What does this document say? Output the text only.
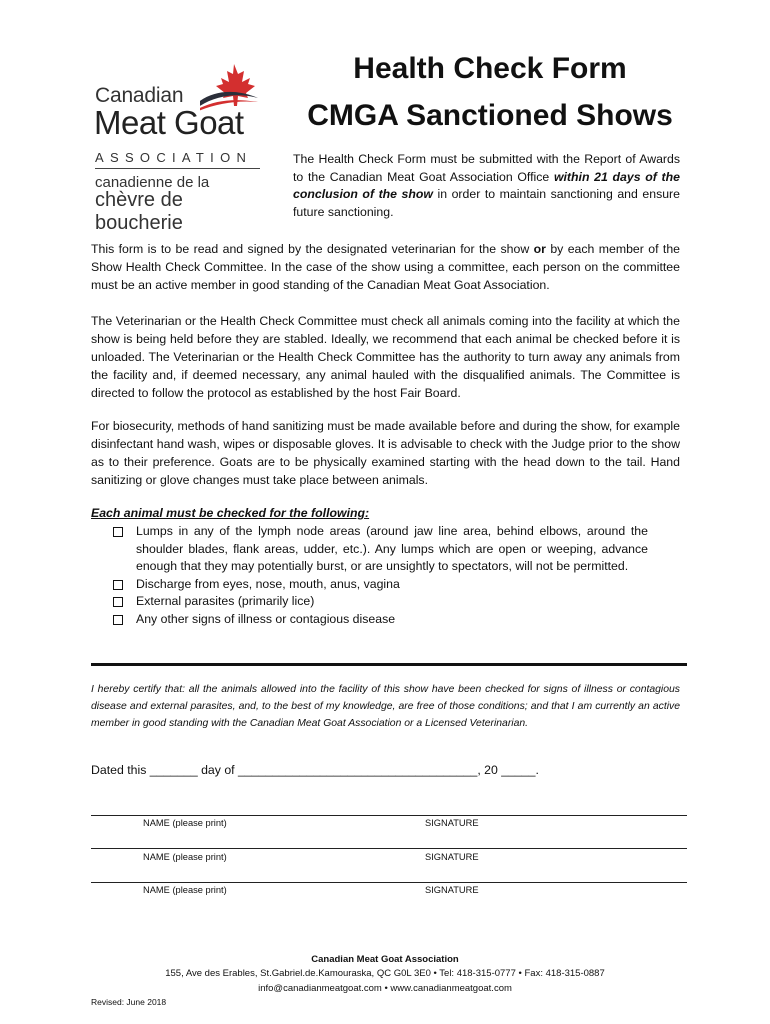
Canadian
Meat Goat
ASSOCIATION
canadienne de la
chèvre de boucherie
Health Check Form
CMGA Sanctioned Shows
The Health Check Form must be submitted with the Report of Awards to the Canadian Meat Goat Association Office within 21 days of the conclusion of the show in order to maintain sanctioning and ensure future sanctioning.

This form is to be read and signed by the designated veterinarian for the show or by each member of the Show Health Check Committee. In the case of the show using a committee, each person on the committee must be an active member in good standing of the Canadian Meat Goat Association.

The Veterinarian or the Health Check Committee must check all animals coming into the facility at which the show is being held before they are stabled. Ideally, we recommend that each animal be checked before it is unloaded. The Veterinarian or the Health Check Committee has the authority to turn away any animals from the facility and, if deemed necessary, any animal hauled with the disqualified animals. The Committee is directed to follow the protocol as established by the host Fair Board.

For biosecurity, methods of hand sanitizing must be made available before and during the show, for example disinfectant hand wash, wipes or disposable gloves. It is advisable to check with the Judge prior to the show as to their preference. Goats are to be physically examined starting with the head down to the tail. Hand sanitizing or glove changes must take place between animals.

Each animal must be checked for the following:
Lumps in any of the lymph node areas (around jaw line area, behind elbows, around the shoulder blades, flank areas, udder, etc.). Any lumps which are open or weeping, advance enough that they may potentially burst, or are unsightly to spectators, will not be permitted.
Discharge from eyes, nose, mouth, anus, vagina
External parasites (primarily lice)
Any other signs of illness or contagious disease
I hereby certify that: all the animals allowed into the facility of this show have been checked for signs of illness or contagious disease and external parasites, and, to the best of my knowledge, are free of those conditions; and that I am currently an active member in good standing with the Canadian Meat Goat Association or a Licensed Veterinarian.
Dated this _______ day of ___________________________________, 20 _____.
NAME (please print)	SIGNATURE
NAME (please print)	SIGNATURE
NAME (please print)	SIGNATURE
Canadian Meat Goat Association
155, Ave des Erables, St.Gabriel.de.Kamouraska, QC G0L 3E0 • Tel: 418-315-0777 • Fax: 418-315-0887
info@canadianmeatgoat.com • www.canadianmeatgoat.com
Revised: June 2018
